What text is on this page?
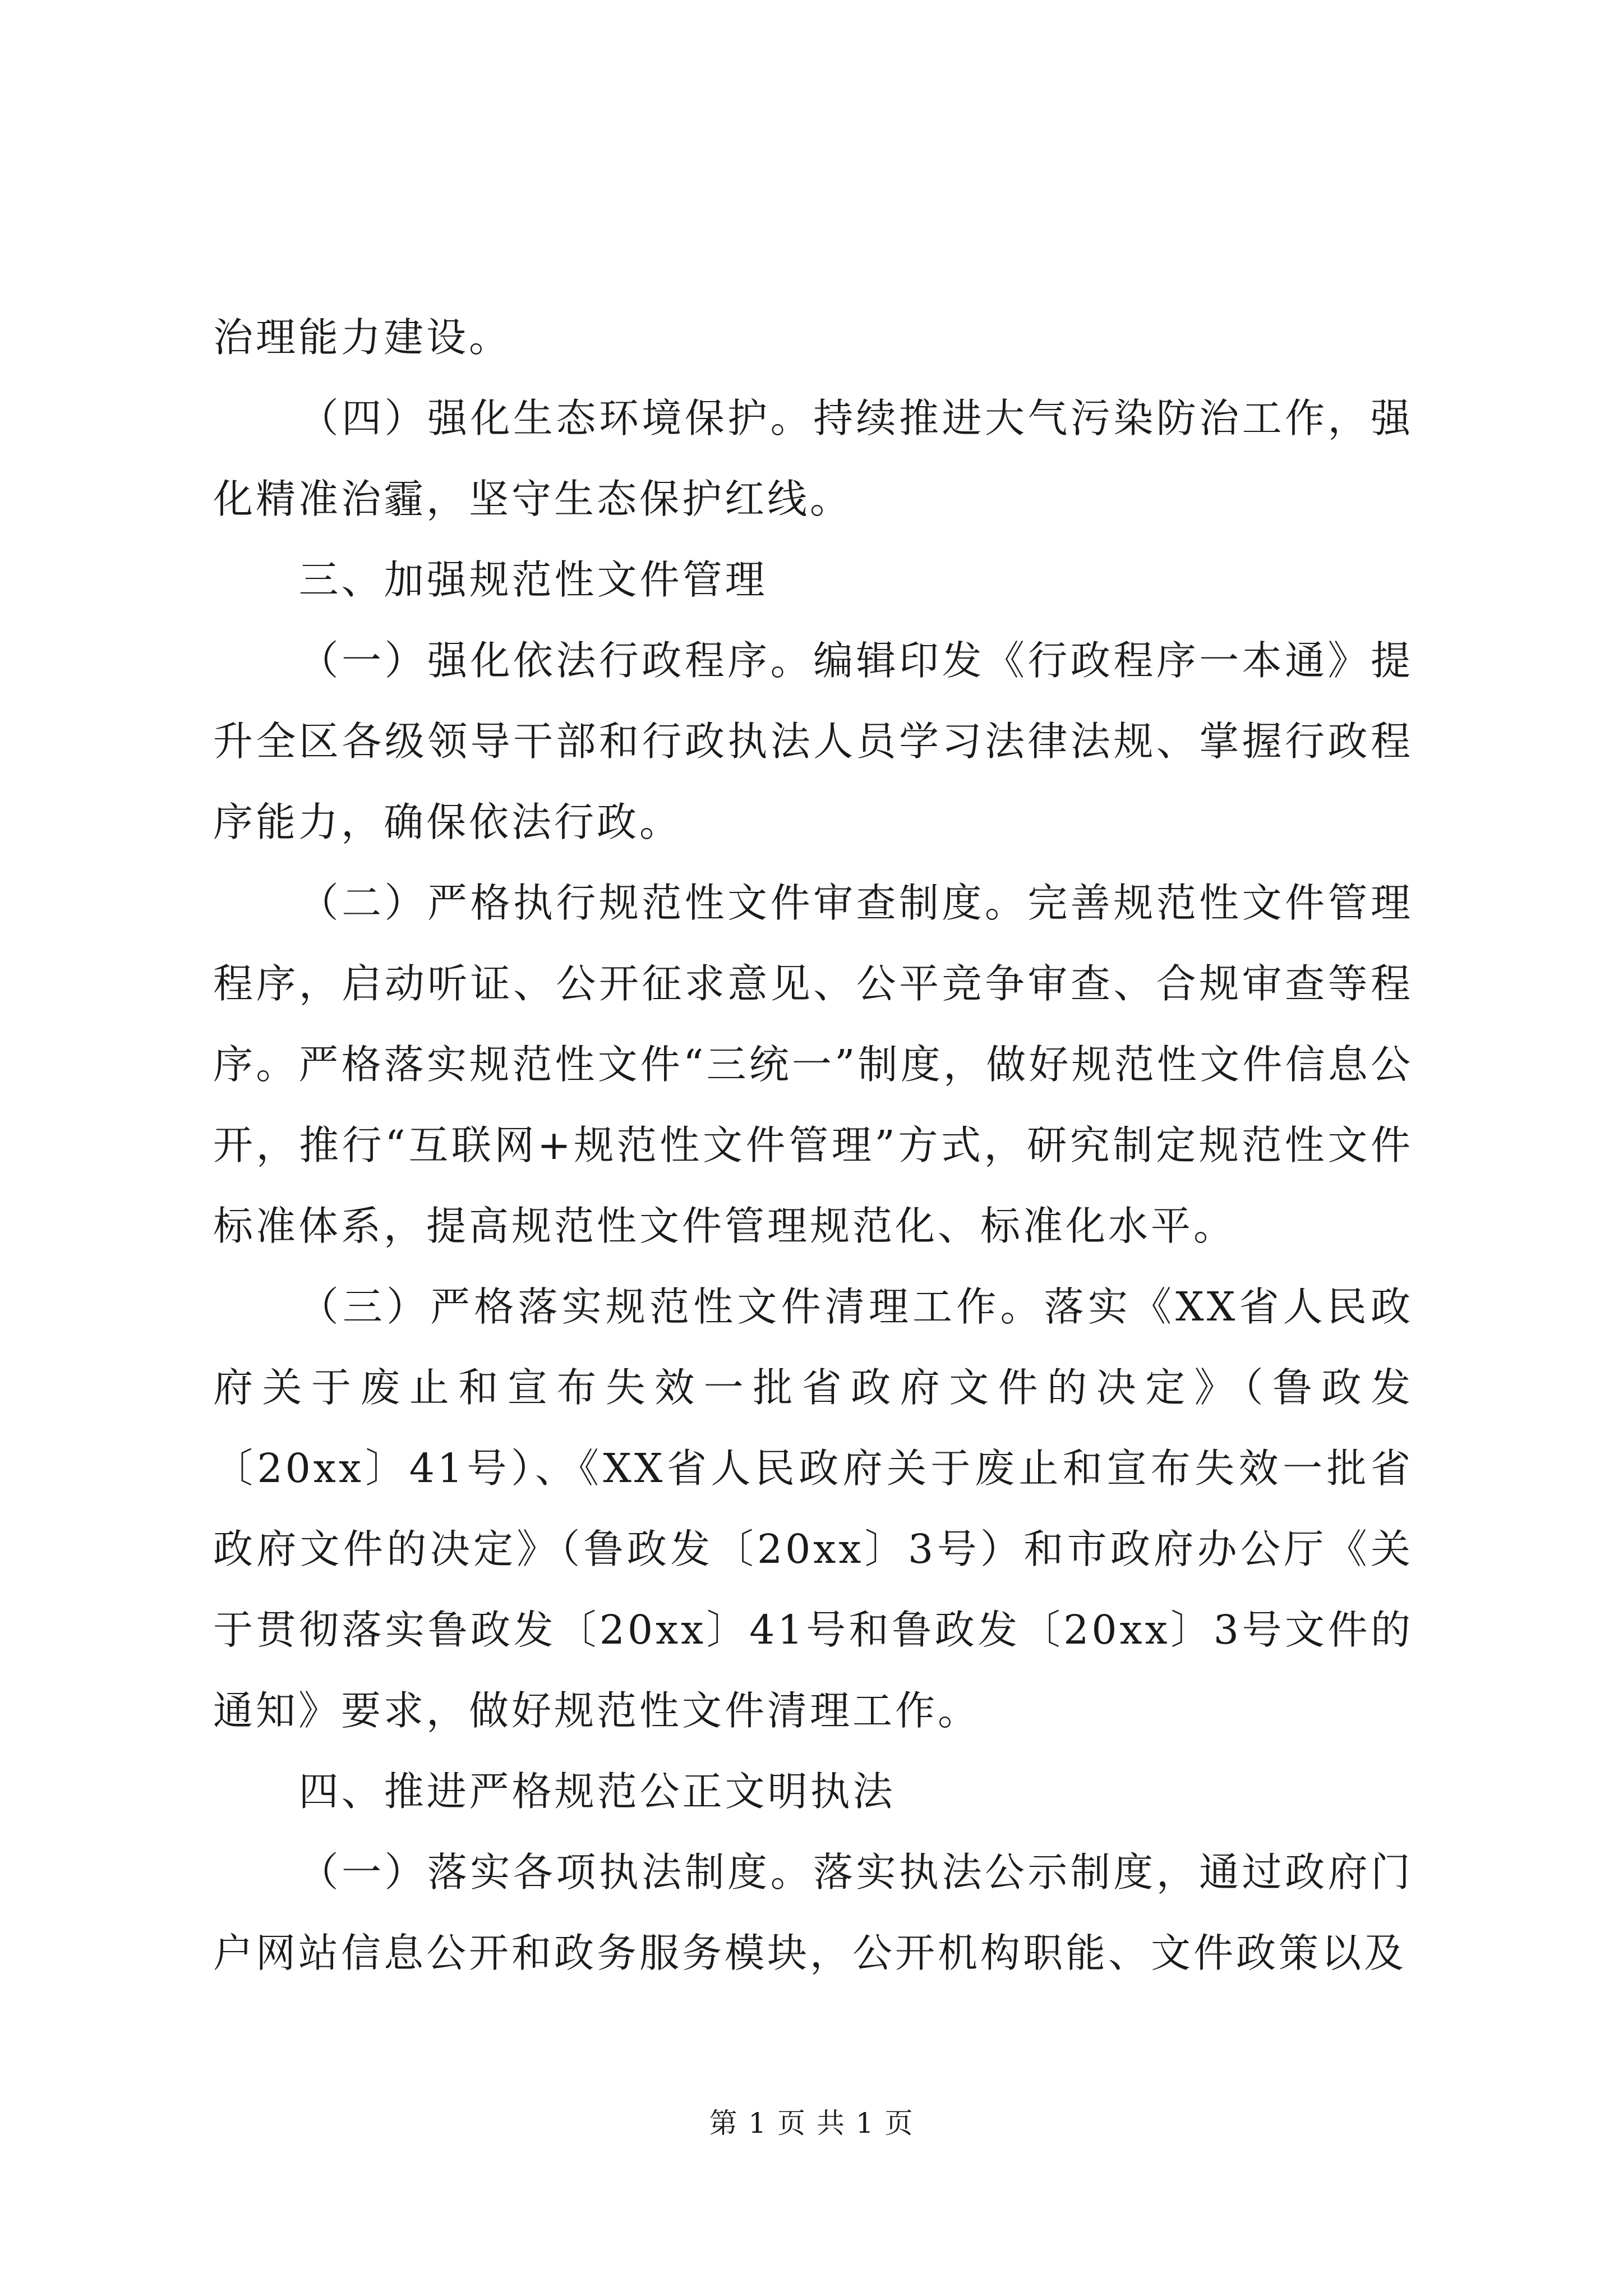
治理能力建设。

（四）强化生态环境保护。持续推进大气污染防治工作，强化精准治霾，坚守生态保护红线。

三、加强规范性文件管理

（一）强化依法行政程序。编辑印发《行政程序一本通》提升全区各级领导干部和行政执法人员学习法律法规、掌握行政程序能力，确保依法行政。

（二）严格执行规范性文件审查制度。完善规范性文件管理程序，启动听证、公开征求意见、公平竞争审查、合规审查等程序。严格落实规范性文件“三统一”制度，做好规范性文件信息公开，推行“互联网+规范性文件管理”方式，研究制定规范性文件标准体系，提高规范性文件管理规范化、标准化水平。

（三）严格落实规范性文件清理工作。落实《XX省人民政府关于废止和宣布失效一批省政府文件的决定》（鲁政发〔20xx〕41号）、《XX省人民政府关于废止和宣布失效一批省政府文件的决定》（鲁政发〔20xx〕3号）和市政府办公厅《关于贯彻落实鲁政发〔20xx〕41号和鲁政发〔20xx〕3号文件的通知》要求，做好规范性文件清理工作。

四、推进严格规范公正文明执法

（一）落实各项执法制度。落实执法公示制度，通过政府门户网站信息公开和政务服务模块，公开机构职能、文件政策以及

第 1 页 共 1 页
